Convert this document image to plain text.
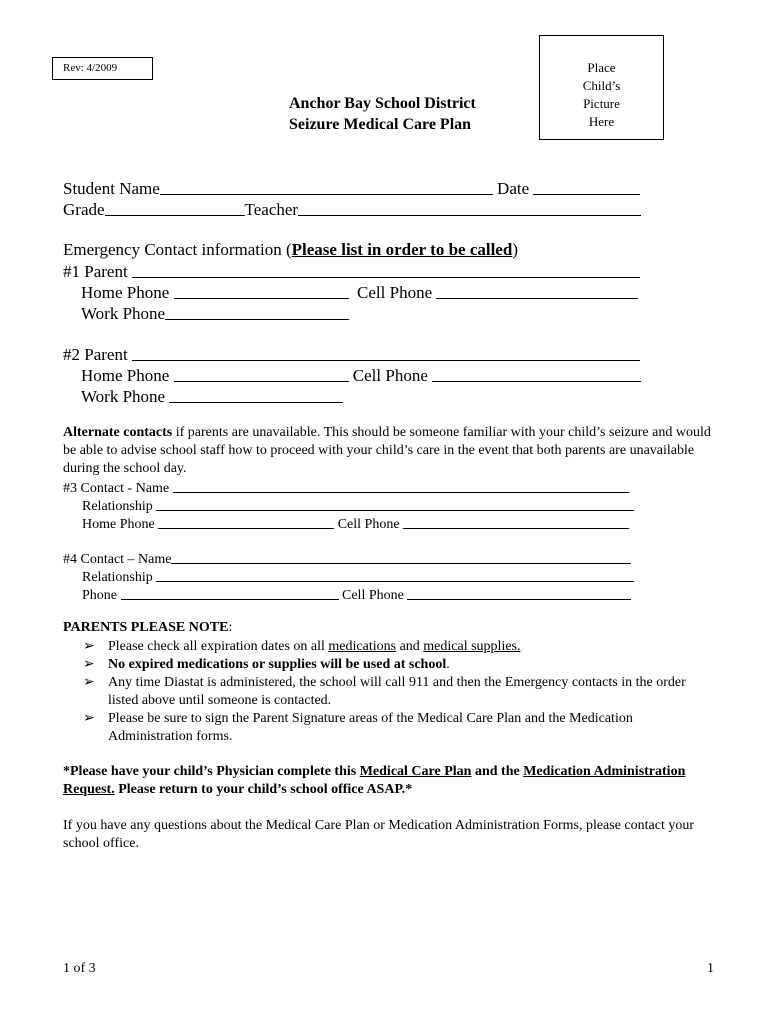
Rev: 4/2009	Place
Child’s
Picture
Here
Anchor Bay School District
Seizure Medical Care Plan
Student Name	Date
Grade	Teacher
Emergency Contact information (Please list in order to be called)
#1 Parent
Home Phone	Cell Phone
Work Phone
#2 Parent
Home Phone	Cell Phone
Work Phone
Alternate contacts if parents are unavailable. This should be someone familiar with your child’s seizure and would be able to advise school staff how to proceed with your child’s care in the event that both parents are unavailable during the school day.
#3 Contact - Name
Relationship
Home Phone	Cell Phone
#4 Contact – Name
Relationship
Phone	Cell Phone
PARENTS PLEASE NOTE:
➢ Please check all expiration dates on all medications and medical supplies.
➢ No expired medications or supplies will be used at school.
➢ Any time Diastat is administered, the school will call 911 and then the Emergency contacts in the order listed above until someone is contacted.
➢ Please be sure to sign the Parent Signature areas of the Medical Care Plan and the Medication Administration forms.
*Please have your child’s Physician complete this Medical Care Plan and the Medication Administration Request. Please return to your child’s school office ASAP.*
If you have any questions about the Medical Care Plan or Medication Administration Forms, please contact your school office.
1 of 3	1
